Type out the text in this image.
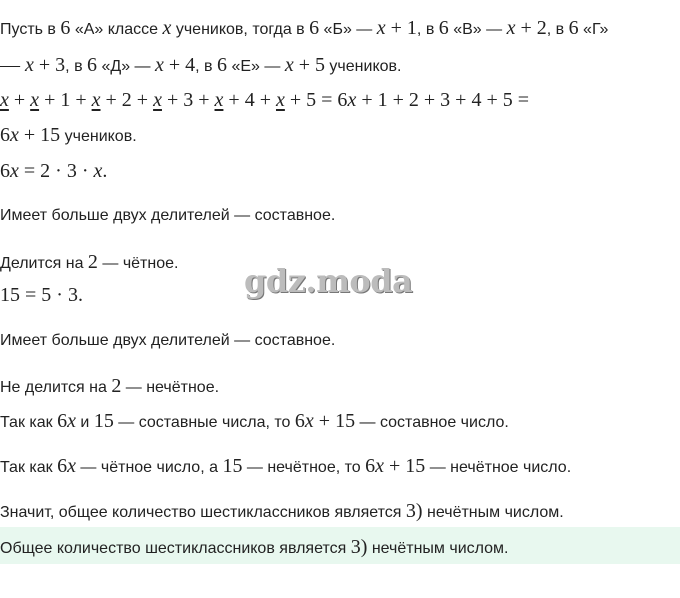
Пусть в 6 «А» классе x учеников, тогда в 6 «Б» — x + 1, в 6 «В» — x + 2, в 6 «Г»
— x + 3, в 6 «Д» — x + 4, в 6 «Е» — x + 5 учеников.
x + x + 1 + x + 2 + x + 3 + x + 4 + x + 5 = 6x + 1 + 2 + 3 + 4 + 5 =
6x + 15 учеников.
6x = 2 · 3 · x.
Имеет больше двух делителей — составное.
Делится на 2 — чётное.
15 = 5 · 3.
Имеет больше двух делителей — составное.
Не делится на 2 — нечётное.
Так как 6x и 15 — составные числа, то 6x + 15 — составное число.
Так как 6x — чётное число, а 15 — нечётное, то 6x + 15 — нечётное число.
Значит, общее количество шестиклассников является 3) нечётным числом.
Общее количество шестиклассников является 3) нечётным числом.
gdz.moda
